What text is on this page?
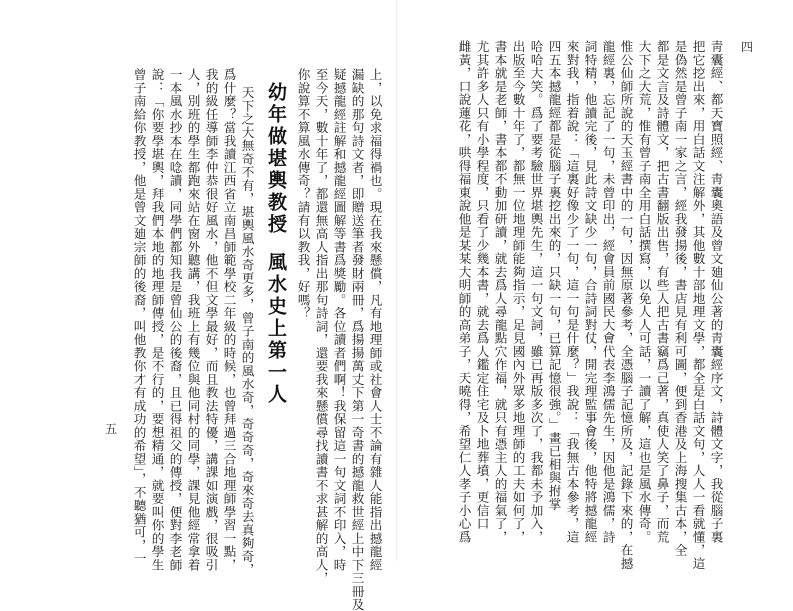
上，以免求福得禍也。現在我來懸償，凡有地理師或社會人士不論有雜人能指出撼龍經
漏缺的那句詩文者，即贈送筆者發財兩冊，爲揚揚萬丈下第一奇書的撼龍救世經上中下三冊及
疑撼龍經註解和撼龍經圖解等書爲獎勵。各位讀者們啊！我保留這一句文詞不印入，時
至今天，數十年了，都還無高人指出那句詩詞，還要我來懸償尋找讀書不求甚解的高人，
你說算不算風水傳奇？請有以教我，好嗎？
幼年做堪輿教授風水史上第一人
天下之大無奇不有，堪輿風水奇更多，曾子南的風水奇，奇奇奇，奇來奇去真夠奇，
爲什麼？當我讀江西省立南昌師範學校二年級的時候，也曾拜過三合地理師學習一點，
我的級任導師李仲恭很好風水，他不但文學最好，而且教法特優，講課如演戲，很吸引
人，別班的學生都跑來站在窗外聽講，我班上有幾位與他同村的同學，課見他經常拿着
一本風水抄本在唸讀，同學們都知我是曾仙公的後裔，且已得祖父的傳授，便對李老師
說：「你要學堪輿，拜我們本地的地理師傳授，是不行的，要想精通，就要叫你的學生
曾子南給你教授，他是曾文廸宗師的後裔，叫他教你才有成功的希望」，不聽猶可，一
五	靑囊經、都天寶照經、靑囊奧語及曾文廸仙公著的靑囊經序文，詩體文字，我從腦子裏
把它挖出來，用白話文注解外，其他數十部地理文學，都全是白話文句，人人一看就懂，這
是偽然是曾子南一家之言，經我發揚後，書店見有利可圖，便到香港及上海搜集古本，全
都是文言及詩體文，把古書翻版出售，有些人把古書竊爲己著，真使人笑了鼻子，而荒
大下之大荒，惟有曾子南全用白話撰寫，以免人人可話，一讀了解，這也是風水傳奇。
惟公仙師所說的天玉經書中的一句，因無原著參考，全憑腦子記憶所及，記錄下來的，在撼
龍經裏，忘記了一句，未曾印出，經會員前國民大會代表李鴻儒先生，因他是鴻儒，詩
詞特精，他讀完後，見此詩文缺少一句，合詩詞對仗，開完理監事會後，他特將撼龍經
來對我，指着說：「這裏好像少了一句，這一句是什麼？」我說：「我無古本參考，這
四五本撼龍經都是從腦子裏挖出來的，只缺一句，已算記憶很強。」畫已相與拊掌
哈哈大笑。爲了要考驗世界堪輿先生，這一句文詞，雖已再版多次了，我都未予加入，
出版至今數十年了，都無一位地理師能夠指示，足見國內外眾多地理師的工夫如何了，
書本就是老師，書本都不動加研讀，就去爲人尋龍點穴作福，就只有憑主人的福氣了，
尤其許多人只有小學程度，只看了少幾本書，就去爲人鑑定住宅及卜地葬墳，更信口
雌黃，口說蓮花，哄得福東說他是某某大明師的高弟子，天曉得，希望仁人孝子小心爲	四
